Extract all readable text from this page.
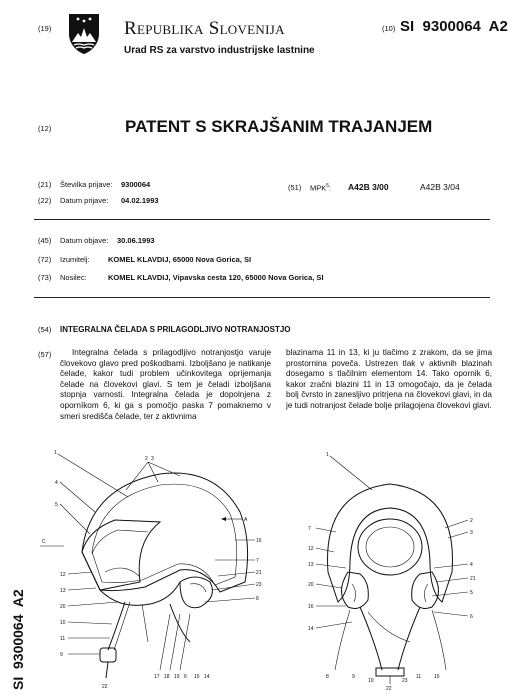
(19)	Republika Slovenija
Urad RS za varstvo industrijske lastnine
(10) SI  9300064  A2
(12)	PATENT S SKRAJŠANIM TRAJANJEM
(21) Številka prijave: 9300064
(22) Datum prijave: 04.02.1993
(51) MPK$^5$: A42B 3/00	A42B 3/04
(45) Datum objave: 30.06.1993
(72) Izumitelj: KOMEL KLAVDIJ, 65000 Nova Gorica, SI
(73) Nosilec:	KOMEL KLAVDIJ, Vipavska cesta 120, 65000 Nova Gorica, SI
(54) INTEGRALNA ČELADA S PRILAGODLJIVO NOTRANJOSTJO
(57)	Integralna čelada s prilagodljivo notranjostjo varuje človekovo glavo pred poškodbami. Izboljšano je natikanje čelade, kakor tudi problem učinkovitega oprijemanja čelade na človekovi glavi. S tem je čeladi izboljšana stopnja varnosti. Integralna čelada je dopolnjena z oporníkom 6, ki ga s pomočjo paska 7 pomaknemo v smeri središča čelade, ter z aktivnima
blazinama 11 in 13, ki ju tlačimo z zrakom, da se jima prostornina poveča. Ustrezen tlak v aktivnih blazinah dosegamo s tlačilnim elementom 14. Tako opornik 6, kakor zračni blazini 11 in 13 omogočajo, da je čelada bolj čvrsto in zanesljivo pritrjena na človekovi glavi, in da je tudi notranjost čelade bolje prilagojena človekovi glavi.
SI  9300064  A2
A
C
1
2 3
4
5
16
7
21
23
8
12
13
20
10
11
9
22
17 18 19 6 15 14
1
2
3
4
21
5
6
7
12
13
20
16
14
8	9
10
22
23
11	15
